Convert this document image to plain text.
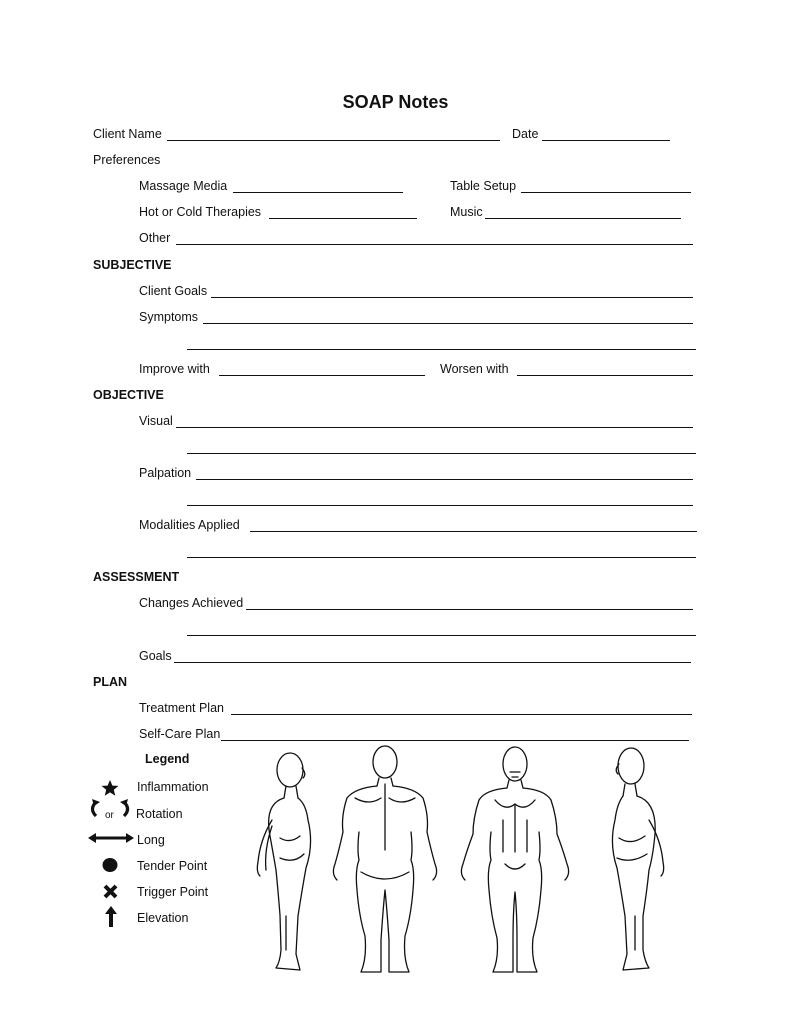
SOAP Notes
Client Name	Date
Preferences
Massage Media	Table Setup
Hot or Cold Therapies	Music
Other
SUBJECTIVE
Client Goals
Symptoms
Improve with	Worsen with
OBJECTIVE
Visual
Palpation
Modalities Applied
ASSESSMENT
Changes Achieved
Goals
PLAN
Treatment Plan
Self-Care Plan
Legend
Inflammation
or Rotation
Long
Tender Point
Trigger Point
Elevation
